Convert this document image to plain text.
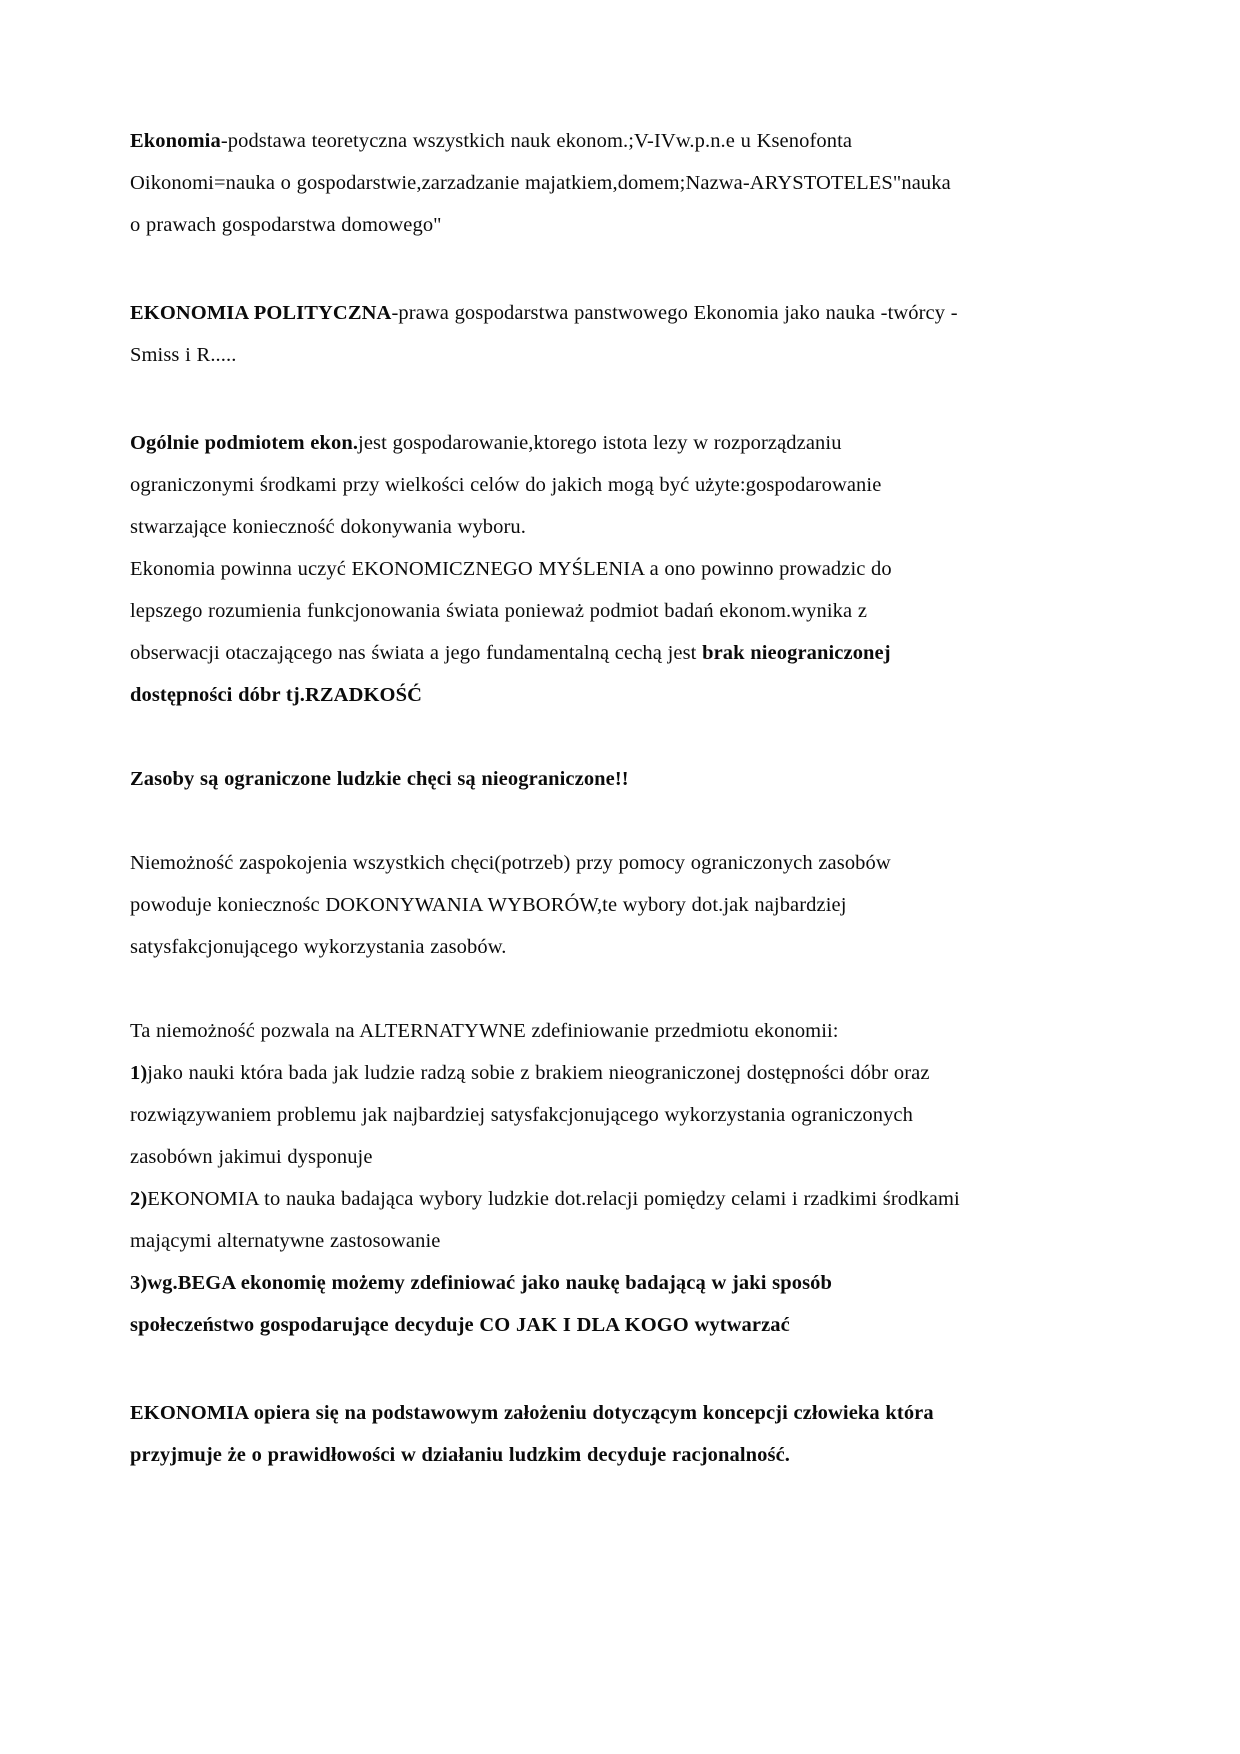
Ekonomia-podstawa teoretyczna wszystkich nauk ekonom.;V-IVw.p.n.e u Ksenofonta Oikonomi=nauka o gospodarstwie,zarzadzanie majatkiem,domem;Nazwa-ARYSTOTELES"nauka o prawach gospodarstwa domowego"

EKONOMIA POLITYCZNA-prawa gospodarstwa panstwowego Ekonomia jako nauka -twórcy -Smiss i R.....

Ogólnie podmiotem ekon.jest gospodarowanie,ktorego istota lezy w rozporządzaniu ograniczonymi środkami przy wielkości celów do jakich mogą być użyte:gospodarowanie stwarzające konieczność dokonywania wyboru.

Ekonomia powinna uczyć EKONOMICZNEGO MYŚLENIA a ono powinno prowadzic do lepszego rozumienia funkcjonowania świata ponieważ podmiot badań ekonom.wynika z obserwacji otaczającego nas świata a jego fundamentalną cechą jest brak nieograniczonej dostępności dóbr tj.RZADKOŚĆ

Zasoby są ograniczone ludzkie chęci są nieograniczone!!

Niemożność zaspokojenia wszystkich chęci(potrzeb) przy pomocy ograniczonych zasobów powoduje koniecznośc DOKONYWANIA WYBORÓW,te wybory dot.jak najbardziej satysfakcjonującego wykorzystania zasobów.

Ta niemożność pozwala na ALTERNATYWNE zdefiniowanie przedmiotu ekonomii:

1)jako nauki która bada jak ludzie radzą sobie z brakiem nieograniczonej dostępności dóbr oraz rozwiązywaniem problemu jak najbardziej satysfakcjonującego wykorzystania ograniczonych zasobówn jakimui dysponuje

2)EKONOMIA to nauka badająca wybory ludzkie dot.relacji pomiędzy celami i rzadkimi środkami mającymi alternatywne zastosowanie

3)wg.BEGA ekonomię możemy zdefiniować jako naukę badającą w jaki sposób społeczeństwo gospodarujące decyduje CO JAK I DLA KOGO wytwarzać

EKONOMIA opiera się na podstawowym założeniu dotyczącym koncepcji człowieka która przyjmuje że o prawidłowości w działaniu ludzkim decyduje racjonalność.
